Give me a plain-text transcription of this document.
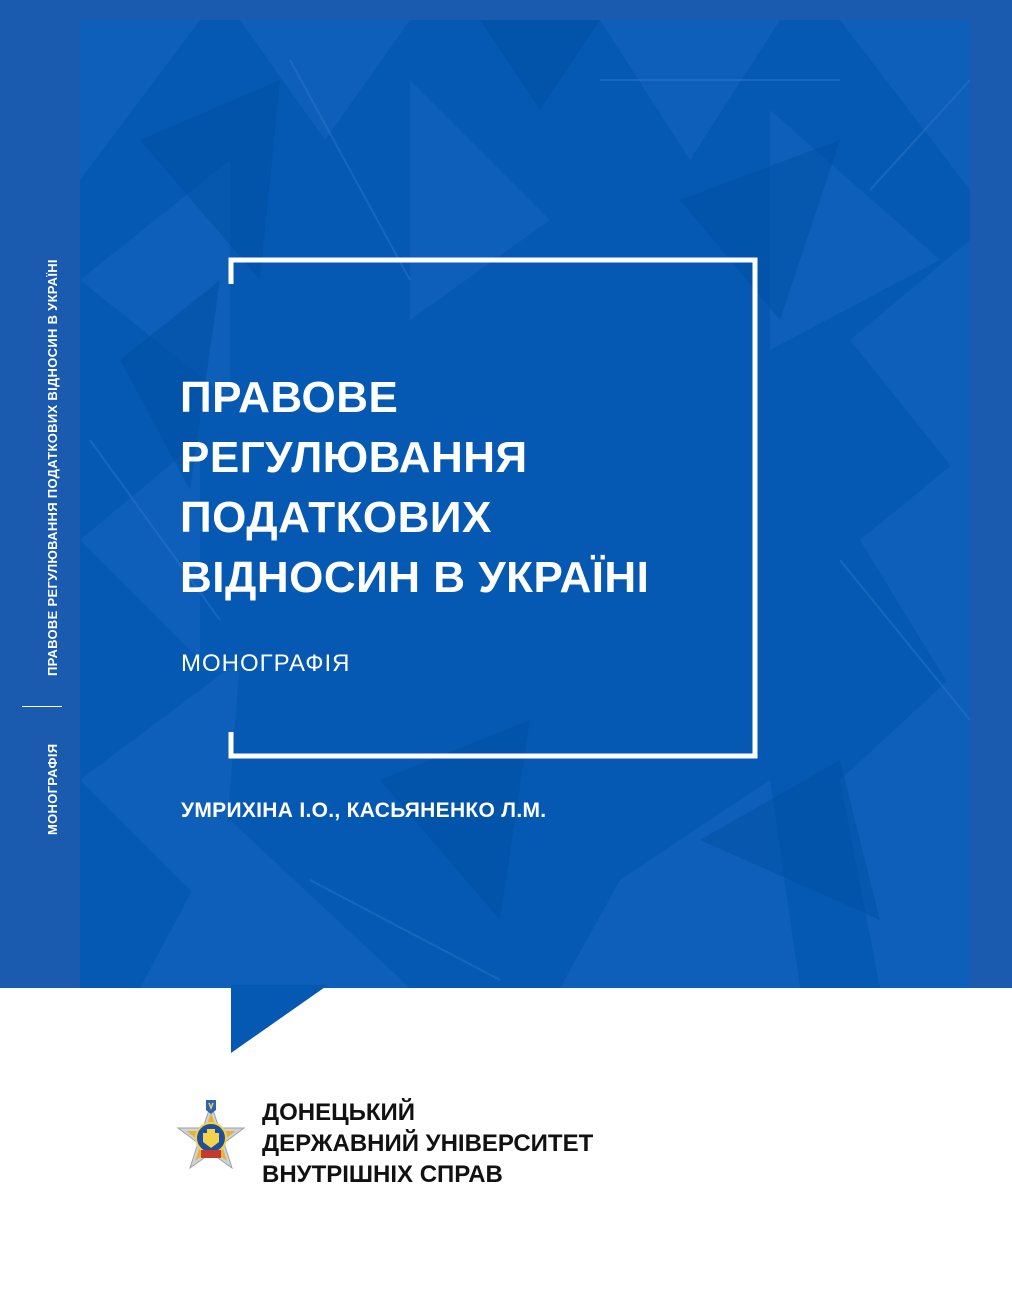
ПРАВОВЕ РЕГУЛЮВАННЯ ПОДАТКОВИХ ВІДНОСИН В УКРАЇНІ
МОНОГРАФІЯ
ПРАВОВЕ
РЕГУЛЮВАННЯ
ПОДАТКОВИХ
ВІДНОСИН В УКРАЇНІ
МОНОГРАФІЯ
УМРИХІНА І.О., КАСЬЯНЕНКО Л.М.
ДОНЕЦЬКИЙ
ДЕРЖАВНИЙ УНІВЕРСИТЕТ
ВНУТРІШНІХ СПРАВ
